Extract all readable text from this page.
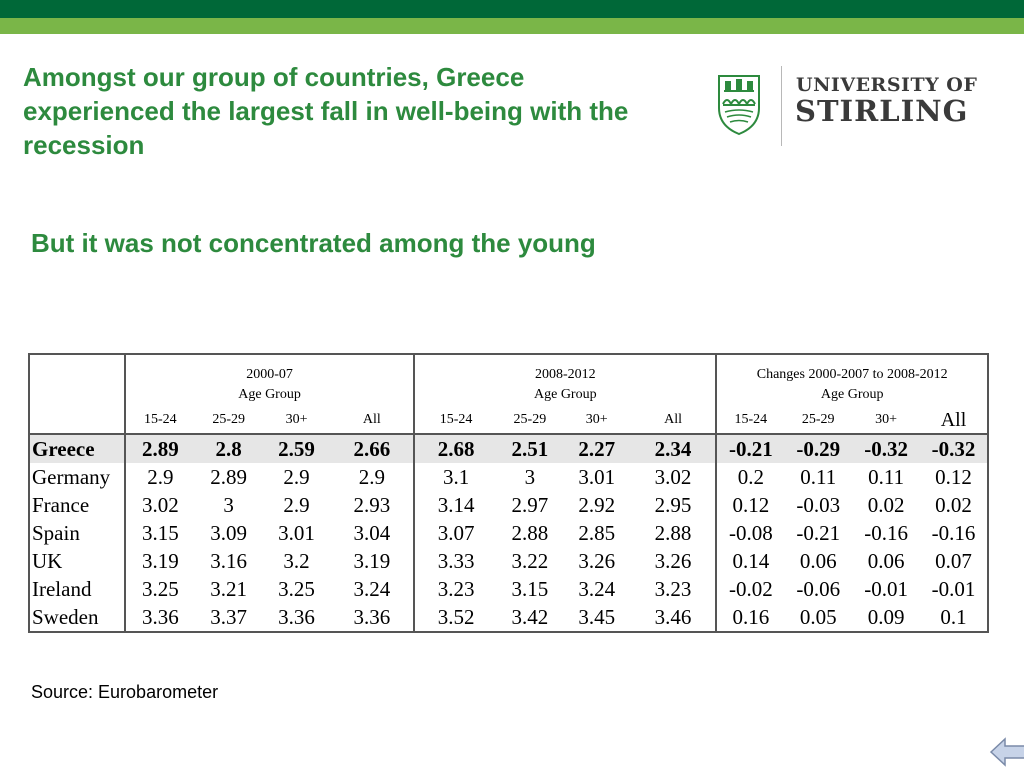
Amongst our group of countries, Greece experienced the largest fall in well-being with the recession
UNIVERSITY OF
STIRLING
But it was not concentrated among the young
	2000-07				2008-2012				Changes 2000-2007 to 2008-2012			
	Age Group				Age Group				Age Group			
	15-24	25-29	30+	All	15-24	25-29	30+	All	15-24	25-29	30+	All
Greece	2.89	2.8	2.59	2.66	2.68	2.51	2.27	2.34	-0.21	-0.29	-0.32	-0.32
Germany	2.9	2.89	2.9	2.9	3.1	3	3.01	3.02	0.2	0.11	0.11	0.12
France	3.02	3	2.9	2.93	3.14	2.97	2.92	2.95	0.12	-0.03	0.02	0.02
Spain	3.15	3.09	3.01	3.04	3.07	2.88	2.85	2.88	-0.08	-0.21	-0.16	-0.16
UK	3.19	3.16	3.2	3.19	3.33	3.22	3.26	3.26	0.14	0.06	0.06	0.07
Ireland	3.25	3.21	3.25	3.24	3.23	3.15	3.24	3.23	-0.02	-0.06	-0.01	-0.01
Sweden	3.36	3.37	3.36	3.36	3.52	3.42	3.45	3.46	0.16	0.05	0.09	0.1

Source: Eurobarometer
